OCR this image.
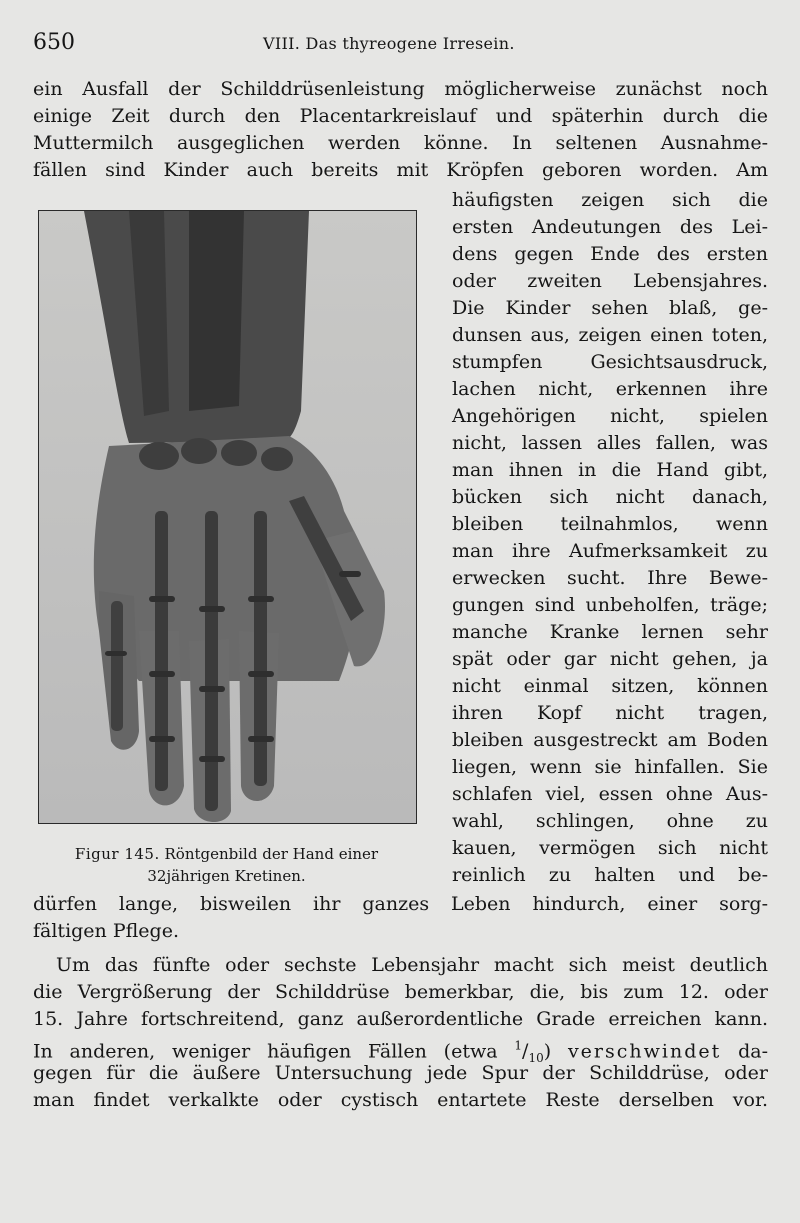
650	VIII. Das thyreogene Irresein.
ein Ausfall der Schilddrüsenleistung möglicherweise zunächst noch
einige Zeit durch den Placentarkreislauf und späterhin durch die
Muttermilch ausgeglichen werden könne. In seltenen Ausnahme-
fällen sind Kinder auch bereits mit Kröpfen geboren worden. Am
häufigsten zeigen sich die
ersten Andeutungen des Lei-
dens gegen Ende des ersten
oder zweiten Lebensjahres.
Die Kinder sehen blaß, ge-
dunsen aus, zeigen einen toten,
stumpfen Gesichtsausdruck,
lachen nicht, erkennen ihre
Angehörigen nicht, spielen
nicht, lassen alles fallen, was
man ihnen in die Hand gibt,
bücken sich nicht danach,
bleiben teilnahmlos, wenn
man ihre Aufmerksamkeit zu
erwecken sucht. Ihre Bewe-
gungen sind unbeholfen, träge;
manche Kranke lernen sehr
spät oder gar nicht gehen, ja
nicht einmal sitzen, können
ihren Kopf nicht tragen,
bleiben ausgestreckt am Boden
liegen, wenn sie hinfallen. Sie
schlafen viel, essen ohne Aus-
wahl, schlingen, ohne zu
kauen, vermögen sich nicht
reinlich zu halten und be-
Figur 145. Röntgenbild der Hand einer
32jährigen Kretinen.
dürfen lange, bisweilen ihr ganzes Leben hindurch, einer sorg-
fältigen Pflege.
Um das fünfte oder sechste Lebensjahr macht sich meist deutlich
die Vergrößerung der Schilddrüse bemerkbar, die, bis zum 12. oder
15. Jahre fortschreitend, ganz außerordentliche Grade erreichen kann.
In anderen, weniger häufigen Fällen (etwa $^1/_{10}$) verschwindet da-
gegen für die äußere Untersuchung jede Spur der Schilddrüse, oder
man findet verkalkte oder cystisch entartete Reste derselben vor.
